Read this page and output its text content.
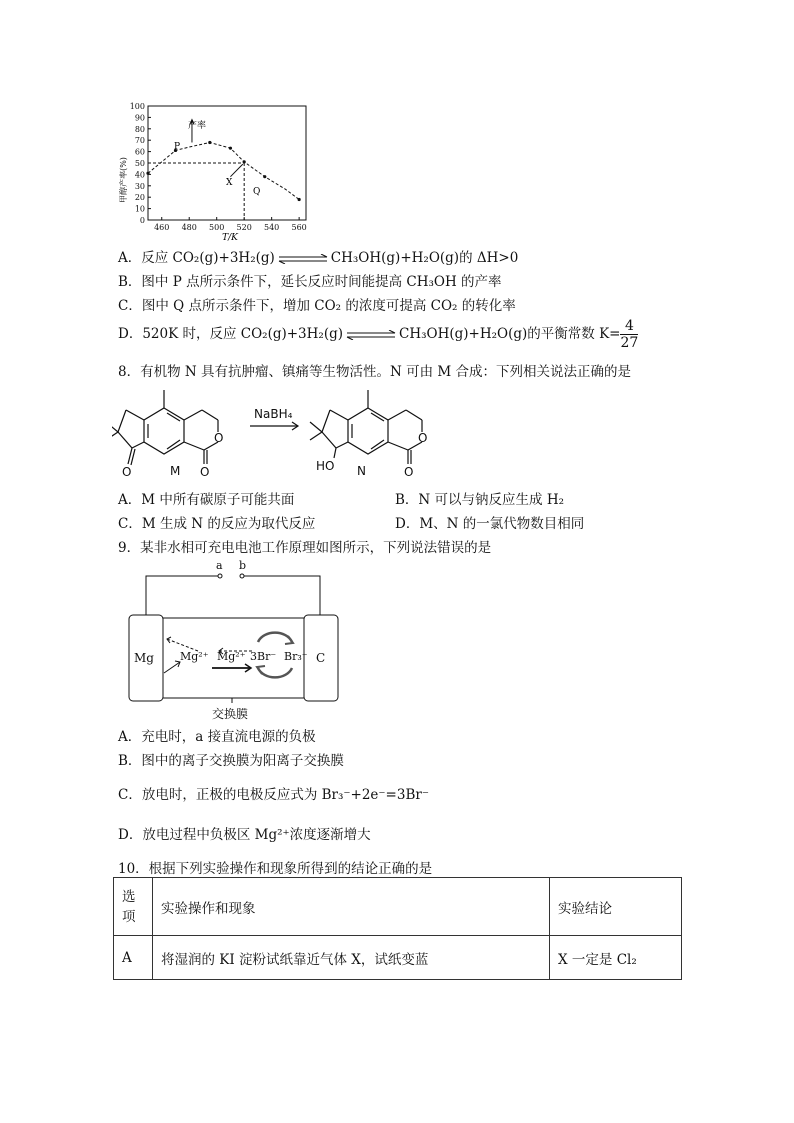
0
10
20
30
40
50
60
70
80
90
100
460 480 500 520 540 560
甲醇产率(%)
T/K
产率
P
X
Q
A．反应 CO₂(g)+3H₂(g) ⇌ CH₃OH(g)+H₂O(g)的 ΔH>0
B．图中 P 点所示条件下，延长反应时间能提高 CH₃OH 的产率
C．图中 Q 点所示条件下，增加 CO₂ 的浓度可提高 CO₂ 的转化率
D．520K 时，反应 CO₂(g)+3H₂(g) ⇌ CH₃OH(g)+H₂O(g)的平衡常数 $K= \frac{4}{27}$
8．有机物 N 具有抗肿瘤、镇痛等生物活性。N 可由 M 合成：下列相关说法正确的是
NaBH₄
O
O
O	HO
O
O
M	N
A．M 中所有碳原子可能共面	B．N 可以与钠反应生成 H₂
C．M 生成 N 的反应为取代反应	D．M、N 的一氯代物数目相同
9．某非水相可充电电池工作原理如图所示，下列说法错误的是
a b
Mg	C
Mg²⁺ Mg²⁺ 3Br⁻ Br₃⁻
交换膜
A．充电时，a 接直流电源的负极
B．图中的离子交换膜为阳离子交换膜
C．放电时，正极的电极反应式为 Br₃⁻+2e⁻=3Br⁻
D．放电过程中负极区 Mg²⁺浓度逐渐增大
10．根据下列实验操作和现象所得到的结论正确的是
选项	实验操作和现象	实验结论
A	将湿润的 KI 淀粉试纸靠近气体 X，试纸变蓝	X 一定是 Cl₂
